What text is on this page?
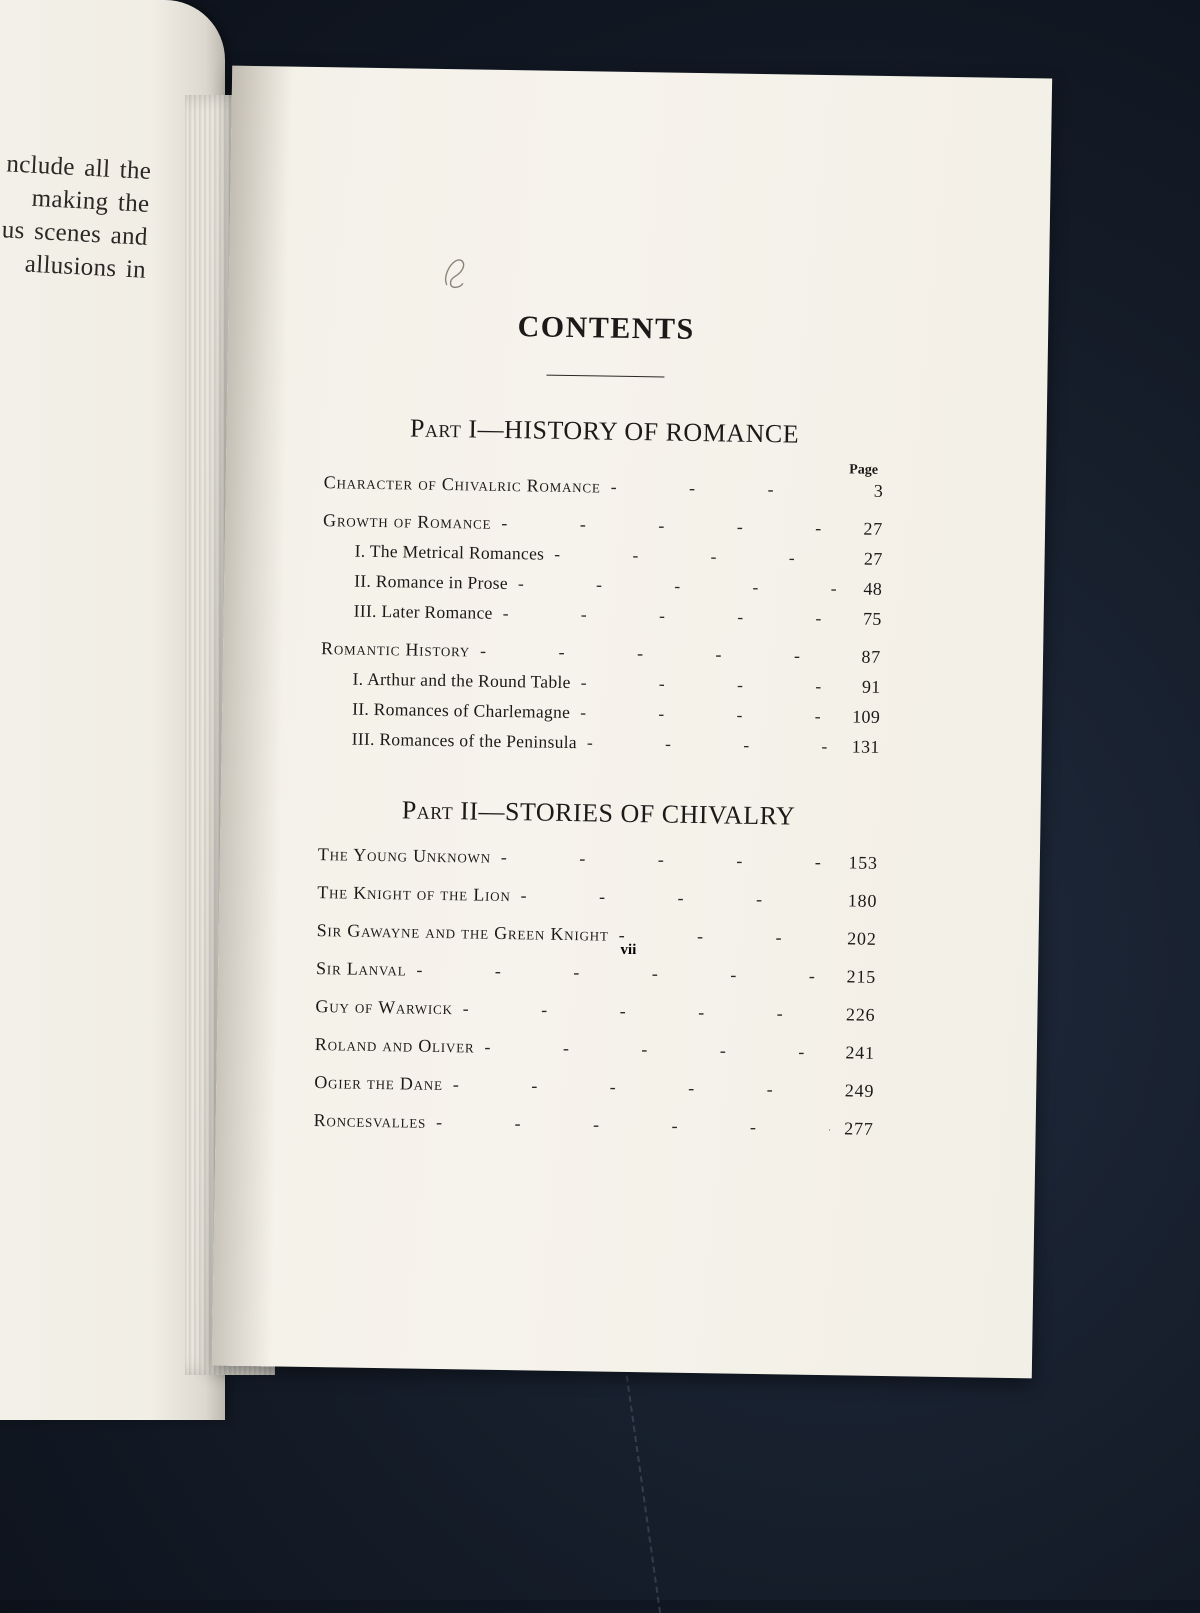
nclude all the
making the
us scenes and
allusions in
CONTENTS
Part I—HISTORY OF ROMANCE
Page
Character of Chivalric Romance - - -	3
Growth of Romance - - -	27
I. The Metrical Romances - - -	27
II. Romance in Prose - - -	48
III. Later Romance - - -	75
Romantic History - - -	87
I. Arthur and the Round Table - - -	91
II. Romances of Charlemagne - - -	109
III. Romances of the Peninsula - - -	131
Part II—STORIES OF CHIVALRY
The Young Unknown - - -	153
The Knight of the Lion - - -	180
Sir Gawayne and the Green Knight - - -	202
Sir Lanval - - -	215
Guy of Warwick - - -	226
Roland and Oliver - - -	241
Ogier the Dane - - -	249
Roncesvalles - - -	277
vii
